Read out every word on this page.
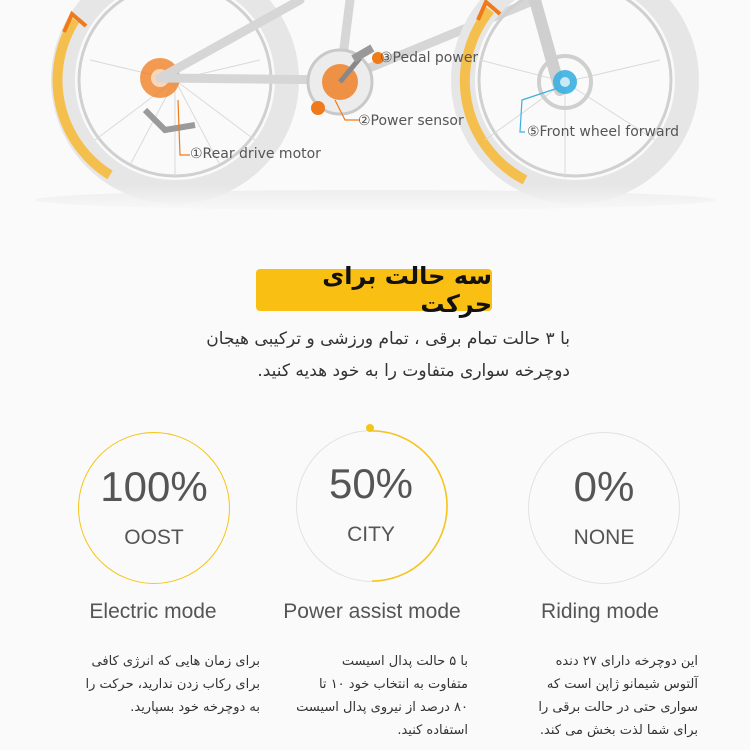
③Pedal power
②Power sensor
⑤Front wheel forward
①Rear drive motor
سه حالت برای حرکت
با ۳ حالت تمام برقی ، تمام ورزشی و ترکیبی هیجان
دوچرخه سواری متفاوت را به خود هدیه کنید.
100%
OOST
Electric mode
برای زمان هایی که انرژی کافی
برای رکاب زدن ندارید، حرکت را
به دوچرخه خود بسپارید.
50%
CITY
Power assist mode
با ۵ حالت پدال اسیست
متفاوت به انتخاب خود ۱۰ تا
۸۰ درصد از نیروی پدال اسیست
استفاده کنید.
0%
NONE
Riding mode
این دوچرخه دارای ۲۷ دنده
آلتوس شیمانو ژاپن است که
سواری حتی در حالت برقی را
برای شما لذت بخش می کند.
